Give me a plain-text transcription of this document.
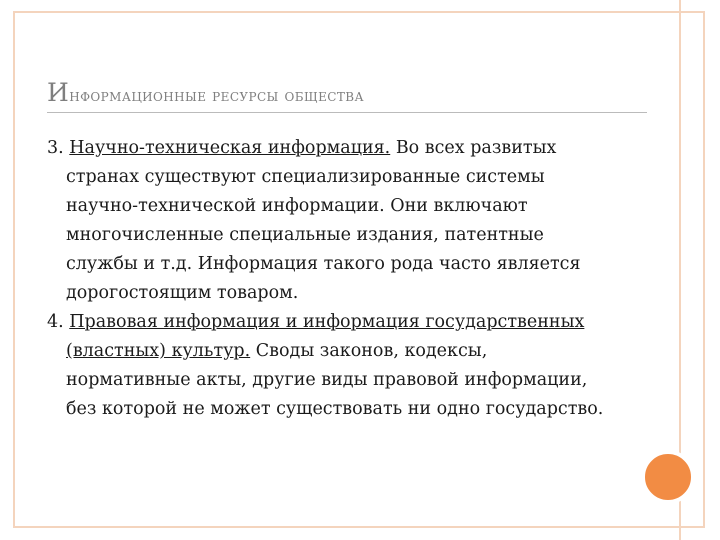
Информационные ресурсы общества
3. Научно-техническая информация. Во всех развитых странах существуют специализированные системы научно-технической информации. Они включают многочисленные специальные издания, патентные службы и т.д. Информация такого рода часто является дорогостоящим товаром.
4. Правовая информация и информация государственных (властных) культур. Своды законов, кодексы, нормативные акты, другие виды правовой информации, без которой не может существовать ни одно государство.
